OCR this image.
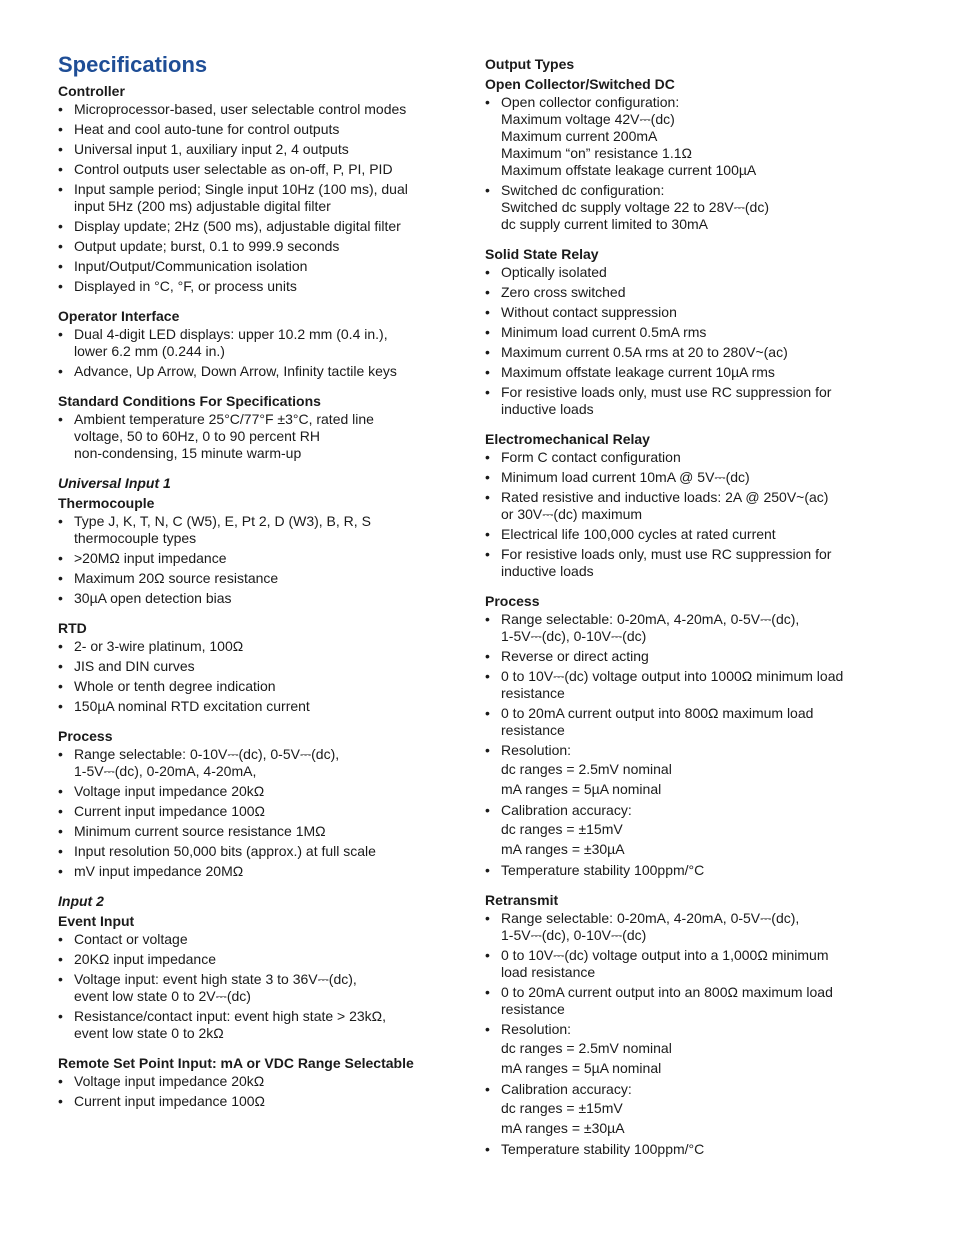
Specifications
Controller
• Microprocessor-based, user selectable control modes
• Heat and cool auto-tune for control outputs
• Universal input 1, auxiliary input 2, 4 outputs
• Control outputs user selectable as on-off, P, PI, PID
• Input sample period; Single input 10Hz (100 ms), dual
input 5Hz (200 ms) adjustable digital filter
• Display update; 2Hz (500 ms), adjustable digital filter
• Output update; burst, 0.1 to 999.9 seconds
• Input/Output/Communication isolation
• Displayed in °C, °F, or process units
Operator Interface
• Dual 4-digit LED displays: upper 10.2 mm (0.4 in.),
lower 6.2 mm (0.244 in.)
• Advance, Up Arrow, Down Arrow, Infinity tactile keys
Standard Conditions For Specifications
• Ambient temperature 25°C/77°F ±3°C, rated line
voltage, 50 to 60Hz, 0 to 90 percent RH
non-condensing, 15 minute warm-up
Universal Input 1
Thermocouple
• Type J, K, T, N, C (W5), E, Pt 2, D (W3), B, R, S
thermocouple types
• >20MΩ input impedance
• Maximum 20Ω source resistance
• 30µA open detection bias
RTD
• 2- or 3-wire platinum, 100Ω
• JIS and DIN curves
• Whole or tenth degree indication
• 150µA nominal RTD excitation current
Process
• Range selectable: 0-10V⎓(dc), 0-5V⎓(dc),
1-5V⎓(dc), 0-20mA, 4-20mA,
• Voltage input impedance 20kΩ
• Current input impedance 100Ω
• Minimum current source resistance 1MΩ
• Input resolution 50,000 bits (approx.) at full scale
• mV input impedance 20MΩ
Input 2
Event Input
• Contact or voltage
• 20KΩ input impedance
• Voltage input: event high state 3 to 36V⎓(dc),
event low state 0 to 2V⎓(dc)
• Resistance/contact input: event high state > 23kΩ,
event low state 0 to 2kΩ
Remote Set Point Input: mA or VDC Range Selectable
• Voltage input impedance 20kΩ
• Current input impedance 100Ω
Output Types
Open Collector/Switched DC
• Open collector configuration:
Maximum voltage 42V⎓(dc)
Maximum current 200mA
Maximum “on” resistance 1.1Ω
Maximum offstate leakage current 100µA
• Switched dc configuration:
Switched dc supply voltage 22 to 28V⎓(dc)
dc supply current limited to 30mA
Solid State Relay
• Optically isolated
• Zero cross switched
• Without contact suppression
• Minimum load current 0.5mA rms
• Maximum current 0.5A rms at 20 to 280V~(ac)
• Maximum offstate leakage current 10µA rms
• For resistive loads only, must use RC suppression for
inductive loads
Electromechanical Relay
• Form C contact configuration
• Minimum load current 10mA @ 5V⎓(dc)
• Rated resistive and inductive loads: 2A @ 250V~(ac)
or 30V⎓(dc) maximum
• Electrical life 100,000 cycles at rated current
• For resistive loads only, must use RC suppression for
inductive loads
Process
• Range selectable: 0-20mA, 4-20mA, 0-5V⎓(dc),
1-5V⎓(dc), 0-10V⎓(dc)
• Reverse or direct acting
• 0 to 10V⎓(dc) voltage output into 1000Ω minimum load
resistance
• 0 to 20mA current output into 800Ω maximum load
resistance
• Resolution:
dc ranges = 2.5mV nominal
mA ranges = 5µA nominal
• Calibration accuracy:
dc ranges = ±15mV
mA ranges = ±30µA
• Temperature stability 100ppm/°C
Retransmit
• Range selectable: 0-20mA, 4-20mA, 0-5V⎓(dc),
1-5V⎓(dc), 0-10V⎓(dc)
• 0 to 10V⎓(dc) voltage output into a 1,000Ω minimum
load resistance
• 0 to 20mA current output into an 800Ω maximum load
resistance
• Resolution:
dc ranges = 2.5mV nominal
mA ranges = 5µA nominal
• Calibration accuracy:
dc ranges = ±15mV
mA ranges = ±30µA
• Temperature stability 100ppm/°C
